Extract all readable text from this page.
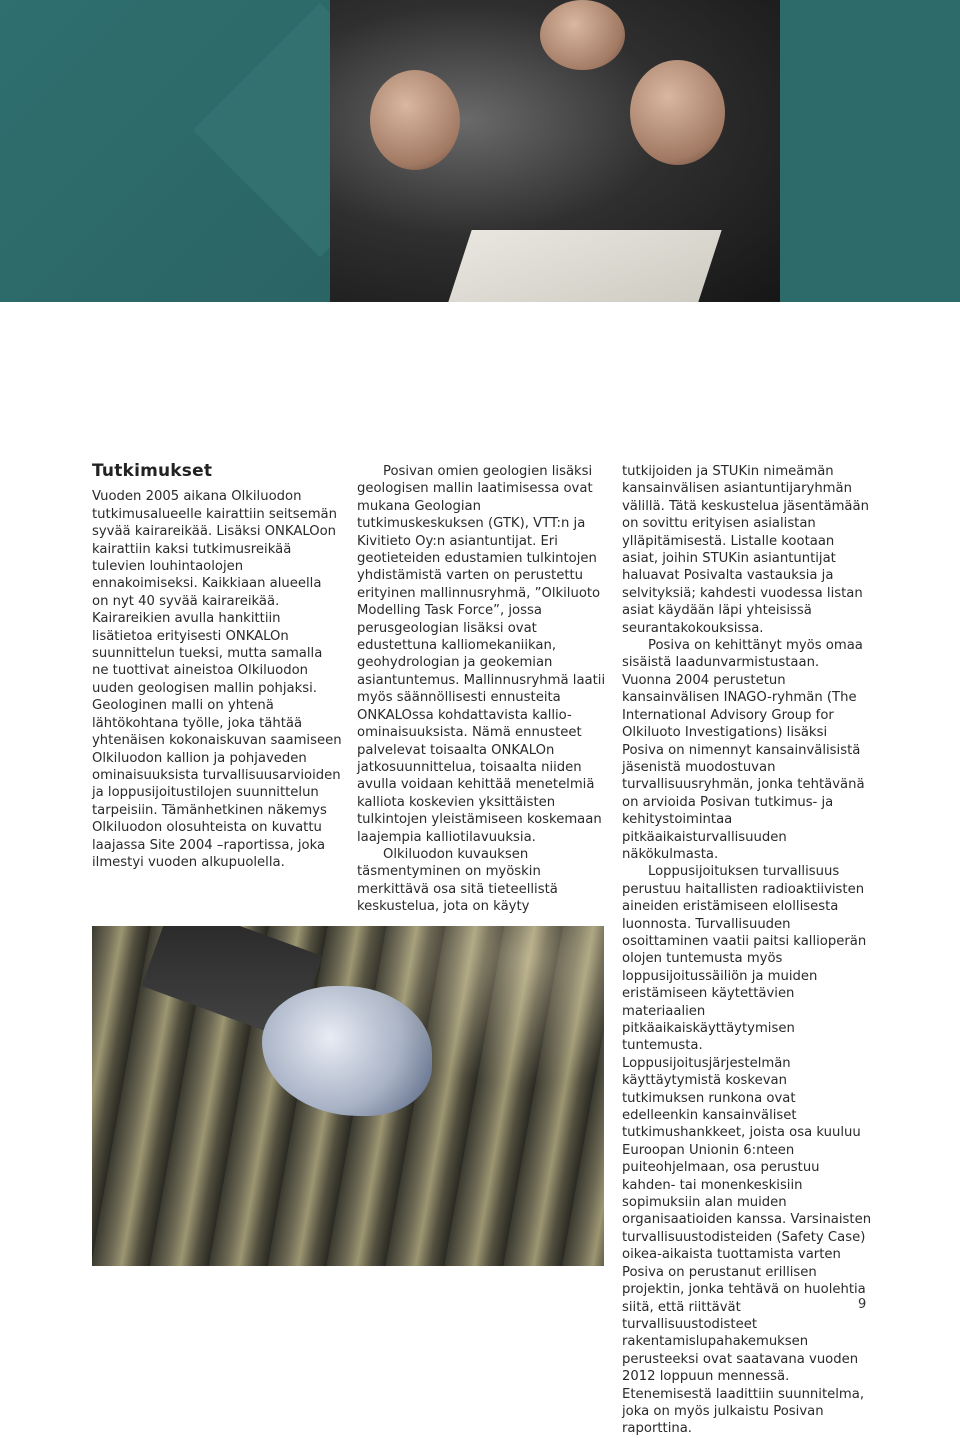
Tutkimukset

Vuoden 2005 aikana Olkiluodon tutkimusalueelle kairattiin seitsemän syvää kairareikää. Lisäksi ONKALOon kairattiin kaksi tutkimusreikää tulevien louhintaolojen ennakoimiseksi. Kaikkiaan alueella on nyt 40 syvää kairareikää. Kairareikien avulla hankittiin lisätietoa erityisesti ONKALOn suunnittelun tueksi, mutta samalla ne tuottivat aineistoa Olkiluodon uuden geologisen mallin pohjaksi. Geologinen malli on yhtenä lähtökohtana työlle, joka tähtää yhtenäisen kokonaiskuvan saamiseen Olkiluodon kallion ja pohjaveden ominaisuuksista turvallisuusarvioiden ja loppusijoitustilojen suunnittelun tarpeisiin. Tämänhetkinen näkemys Olkiluodon olosuhteista on kuvattu laajassa Site 2004 –raportissa, joka ilmestyi vuoden alkupuolella.

Posivan omien geologien lisäksi geologisen mallin laatimisessa ovat mukana Geologian tutkimuskeskuksen (GTK), VTT:n ja Kivitieto Oy:n asiantuntijat. Eri geotieteiden edustamien tulkintojen yhdistämistä varten on perustettu erityinen mallinnusryhmä, ”Olkiluoto Modelling Task Force”, jossa perusgeologian lisäksi ovat edustettuna kalliomekaniikan, geohydrologian ja geokemian asiantuntemus. Mallinnusryhmä laatii myös säännöllisesti ennusteita ONKALOssa kohdattavista kallio-ominaisuuksista. Nämä ennusteet palvelevat toisaalta ONKALOn jatkosuunnittelua, toisaalta niiden avulla voidaan kehittää menetelmiä kalliota koskevien yksittäisten tulkintojen yleistämiseen koskemaan laajempia kalliotilavuuksia.

Olkiluodon kuvauksen täsmentyminen on myöskin merkittävä osa sitä tieteellistä keskustelua, jota on käyty

tutkijoiden ja STUKin nimeämän kansainvälisen asiantuntijaryhmän välillä. Tätä keskustelua jäsentämään on sovittu erityisen asialistan ylläpitämisestä. Listalle kootaan asiat, joihin STUKin asiantuntijat haluavat Posivalta vastauksia ja selvityksiä; kahdesti vuodessa listan asiat käydään läpi yhteisissä seurantakokouksissa.

Posiva on kehittänyt myös omaa sisäistä laadunvarmistustaan. Vuonna 2004 perustetun kansainvälisen INAGO-ryhmän (The International Advisory Group for Olkiluoto Investigations) lisäksi Posiva on nimennyt kansainvälisistä jäsenistä muodostuvan turvallisuusryhmän, jonka tehtävänä on arvioida Posivan tutkimus- ja kehitystoimintaa pitkäaikaisturvallisuuden näkökulmasta.

Loppusijoituksen turvallisuus perustuu haitallisten radioaktiivisten aineiden eristämiseen elollisesta luonnosta. Turvallisuuden osoittaminen vaatii paitsi kallioperän olojen tuntemusta myös loppusijoitussäiliön ja muiden eristämiseen käytettävien materiaalien pitkäaikaiskäyttäytymisen tuntemusta. Loppusijoitusjärjestelmän käyttäytymistä koskevan tutkimuksen runkona ovat edelleenkin kansainväliset tutkimushankkeet, joista osa kuuluu Euroopan Unionin 6:nteen puiteohjelmaan, osa perustuu kahden- tai monenkeskisiin sopimuksiin alan muiden organisaatioiden kanssa. Varsinaisten turvallisuustodisteiden (Safety Case) oikea-aikaista tuottamista varten Posiva on perustanut erillisen projektin, jonka tehtävä on huolehtia siitä, että riittävät turvallisuustodisteet rakentamislupahakemuksen perusteeksi ovat saatavana vuoden 2012 loppuun mennessä. Etenemisestä laadittiin suunnitelma, joka on myös julkaistu Posivan raporttina.

9
